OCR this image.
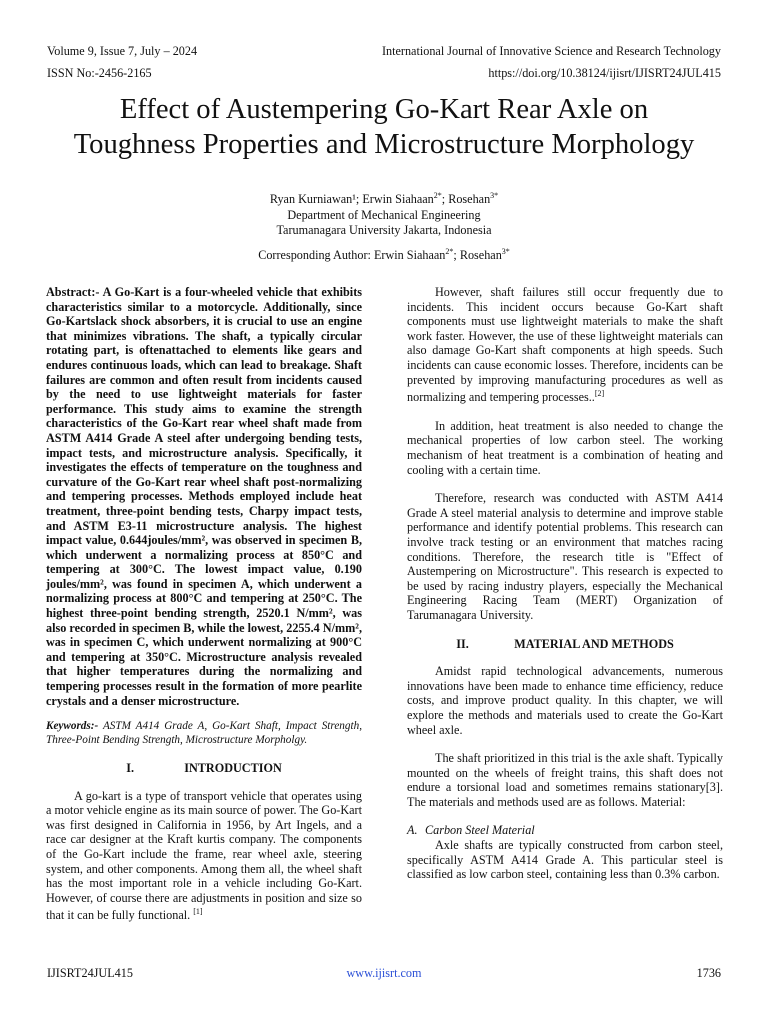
Volume 9, Issue 7, July – 2024	International Journal of Innovative Science and Research Technology
ISSN No:-2456-2165	https://doi.org/10.38124/ijisrt/IJISRT24JUL415
Effect of Austempering Go-Kart Rear Axle on
Toughness Properties and Microstructure Morphology
Ryan Kurniawan¹; Erwin Siahaan$^{2*}$; Rosehan$^{3*}$
Department of Mechanical Engineering
Tarumanagara University Jakarta, Indonesia
Corresponding Author: Erwin Siahaan$^{2*}$; Rosehan$^{3*}$

Abstract:- A Go-Kart is a four-wheeled vehicle that exhibits characteristics similar to a motorcycle. Additionally, since Go-Kartslack shock absorbers, it is crucial to use an engine that minimizes vibrations. The shaft, a typically circular rotating part, is oftenattached to elements like gears and endures continuous loads, which can lead to breakage. Shaft failures are common and often result from incidents caused by the need to use lightweight materials for faster performance. This study aims to examine the strength characteristics of the Go-Kart rear wheel shaft made from ASTM A414 Grade A steel after undergoing bending tests, impact tests, and microstructure analysis. Specifically, it investigates the effects of temperature on the toughness and curvature of the Go-Kart rear wheel shaft post-normalizing and tempering processes. Methods employed include heat treatment, three-point bending tests, Charpy impact tests, and ASTM E3-11 microstructure analysis. The highest impact value, 0.644joules/mm², was observed in specimen B, which underwent a normalizing process at 850°C and tempering at 300°C. The lowest impact value, 0.190 joules/mm², was found in specimen A, which underwent a normalizing process at 800°C and tempering at 250°C. The highest three-point bending strength, 2520.1 N/mm², was also recorded in specimen B, while the lowest, 2255.4 N/mm², was in specimen C, which underwent normalizing at 900°C and tempering at 350°C. Microstructure analysis revealed that higher temperatures during the normalizing and tempering processes result in the formation of more pearlite crystals and a denser microstructure.

Keywords:- ASTM A414 Grade A, Go-Kart Shaft, Impact Strength, Three-Point Bending Strength, Microstructure Morpholgy.

I.	INTRODUCTION

A go-kart is a type of transport vehicle that operates using a motor vehicle engine as its main source of power. The Go-Kart was first designed in California in 1956, by Art Ingels, and a race car designer at the Kraft kurtis company. The components of the Go-Kart include the frame, rear wheel axle, steering system, and other components. Among them all, the wheel shaft has the most important role in a vehicle including Go-Kart. However, of course there are adjustments in position and size so that it can be fully functional. [1]

However, shaft failures still occur frequently due to incidents. This incident occurs because Go-Kart shaft components must use lightweight materials to make the shaft work faster. However, the use of these lightweight materials can also damage Go-Kart shaft components at high speeds. Such incidents can cause economic losses. Therefore, incidents can be prevented by improving manufacturing procedures as well as normalizing and tempering processes..[2]

In addition, heat treatment is also needed to change the mechanical properties of low carbon steel. The working mechanism of heat treatment is a combination of heating and cooling with a certain time.

Therefore, research was conducted with ASTM A414 Grade A steel material analysis to determine and improve stable performance and identify potential problems. This research can involve track testing or an environment that matches racing conditions. Therefore, the research title is "Effect of Austempering on Microstructure". This research is expected to be used by racing industry players, especially the Mechanical Engineering Racing Team (MERT) Organization of Tarumanagara University.

II.	MATERIAL AND METHODS

Amidst rapid technological advancements, numerous innovations have been made to enhance time efficiency, reduce costs, and improve product quality. In this chapter, we will explore the methods and materials used to create the Go-Kart wheel axle.

The shaft prioritized in this trial is the axle shaft. Typically mounted on the wheels of freight trains, this shaft does not endure a torsional load and sometimes remains stationary[3]. The materials and methods used are as follows. Material:

A. Carbon Steel Material

Axle shafts are typically constructed from carbon steel, specifically ASTM A414 Grade A. This particular steel is classified as low carbon steel, containing less than 0.3% carbon.

IJISRT24JUL415	www.ijisrt.com	1736
